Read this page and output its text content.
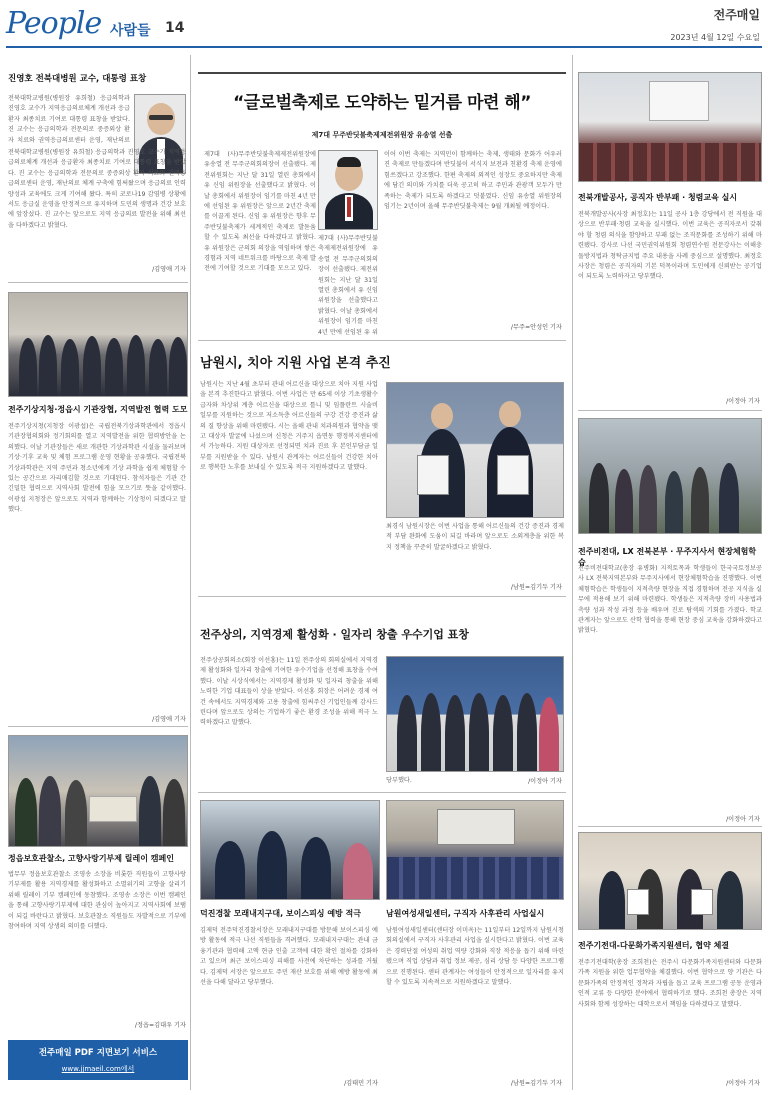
People 사람들 14
전주매일
2023년 4월 12일 수요일
진영호 전북대병원 교수, 대통령 표창
전북대학교병원(병원장 유희철) 응급의학과 진영호 교수가 지역응급의료체계 개선과 응급환자 최종치료 기여로 대통령 표창을 받았다. 진 교수는 응급의학과 전문의로 중증외상 환자 치료와 권역응급의료센터 운영, 재난의료
전북대학교병원(병원장 유희철) 응급의학과 진영호 교수가 지역응급의료체계 개선과 응급환자 최종치료 기여로 대통령 표창을 받았다. 진 교수는 응급의학과 전문의로 중증외상 환자 치료와 권역응급의료센터 운영, 재난의료 체계 구축에 힘써왔으며 응급의료 인력 양성과 교육에도 크게 기여해 왔다. 특히 코로나19 감염병 상황에서도 응급실 운영을 안정적으로 유지하며 도민의 생명과 건강 보호에 앞장섰다. 진 교수는 앞으로도 지역 응급의료 발전을 위해 최선을 다하겠다고 밝혔다.
/김영애 기자
전주기상지청·정읍시 기관장협, 지역발전 협력 도모
전주기상지청(지청장 이광섭)은 국립전북기상과학관에서 정읍시 기관장협의회와 정기회의를 열고 지역발전을 위한 협력방안을 논의했다. 이날 기관장들은 새로 개관한 기상과학관 시설을 둘러보며 기상·기후 교육 및 체험 프로그램 운영 현황을 공유했다. 국립전북기상과학관은 지역 주민과 청소년에게 기상 과학을 쉽게 체험할 수 있는 공간으로 자리매김할 것으로 기대된다. 참석자들은 기관 간 긴밀한 협력으로 지역사회 발전에 힘을 모으기로 뜻을 같이했다. 이광섭 지청장은 앞으로도 지역과 함께하는 기상청이 되겠다고 말했다.
/김영애 기자
정읍보호관찰소, 고향사랑기부제 릴레이 캠페인
법무부 정읍보호관찰소 조영송 소장을 비롯한 직원들이 고향사랑기부제를 활용 지역경제를 활성화하고 소멸위기의 고향을 살리기 위해 릴레이 기부 캠페인에 동참했다. 조영송 소장은 이번 캠페인을 통해 고향사랑기부제에 대한 관심이 높아지고 지역사회에 보탬이 되길 바란다고 밝혔다. 보호관찰소 직원들도 자발적으로 기부에 참여하며 지역 상생의 의미를 더했다.
/정읍=김대우 기자
전주매일 PDF 지면보기 서비스
www.jjmaeil.com에서
“글로벌축제로 도약하는 밑거름 마련 해”
제7대 무주반딧불축제제전위원장 유송열 선출
제7대 (사)무주반딧불축제제전위원장에 유송열 전 무주군의회의장이 선출됐다. 제전위원회는 지난 달 31일 열린 총회에서 유 신임 위원장을 선출했다고 밝혔다. 이날 총회에서 위원장이 임기를 마친 4년 만에 선임된 유 위원장은 앞으로 2년간 축제를 이끌게 된다. 신임 유 위원장은 향후 무주반딧불축제가 세계적인 축제로 발돋움할 수 있도록 최선을 다하겠다고 밝혔다. 유 위원장은 군의회 의장을 역임하며 쌓은 경험과 지역 네트워크를 바탕으로 축제 발전에 기여할 것으로 기대를 모으고 있다.
제7대 (사)무주반딧불축제제전위원장에 유송열 전 무주군의회의장이 선출됐다. 제전위원회는 지난 달 31일 열린 총회에서 유 신임 위원장을 선출했다고 밝혔다. 이날 총회에서 위원장이 임기를 마친 4년 만에 선임된 유 위
이어 이번 축제는 지역민이 함께하는 축제, 생태와 문화가 어우러진 축제로 만들겠다며 반딧불이 서식지 보전과 친환경 축제 운영에 힘쓰겠다고 강조했다. 한편 축제의 외적인 성장도 중요하지만 축제에 담긴 의미와 가치를 더욱 공고히 하고 주민과 관광객 모두가 만족하는 축제가 되도록 하겠다고 덧붙였다. 신임 유송열 위원장의 임기는 2년이며 올해 무주반딧불축제는 9월 개최될 예정이다.
/무주=안성인 기자
남원시, 치아 지원 사업 본격 추진
남원시는 지난 4월 초부터 관내 어르신을 대상으로 치아 지원 사업을 본격 추진한다고 밝혔다. 이번 사업은 만 65세 이상 기초생활수급자와 차상위 계층 어르신을 대상으로 틀니 및 임플란트 시술비 일부를 지원하는 것으로 저소득층 어르신들의 구강 건강 증진과 삶의 질 향상을 위해 마련됐다. 시는 올해 관내 치과의원과 협약을 맺고 대상자 발굴에 나섰으며 신청은 거주지 읍면동 행정복지센터에서 가능하다. 지원 대상자로 선정되면 치과 진료 후 본인부담금 일부를 지원받을 수 있다. 남원시 관계자는 어르신들이 건강한 치아로 행복한 노후를 보내실 수 있도록 적극 지원하겠다고 말했다.
최경식 남원시장은 이번 사업을 통해 어르신들의 건강 증진과 경제적 부담 완화에 도움이 되길 바라며 앞으로도 소외계층을 위한 복지 정책을 꾸준히 발굴하겠다고 밝혔다.
/남원=김기두 기자
전주상의, 지역경제 활성화 · 일자리 창출 우수기업 표창
전주상공회의소(회장 이선홍)는 11일 전주상의 회의실에서 지역경제 활성화와 일자리 창출에 기여한 우수기업을 선정해 표창을 수여했다. 이날 시상식에서는 지역경제 활성화 및 일자리 창출을 위해 노력한 기업 대표들이 상을 받았다. 이선홍 회장은 어려운 경제 여건 속에서도 지역경제와 고용 창출에 힘써주신 기업인들께 감사드린다며 앞으로도 상의는 기업하기 좋은 환경 조성을 위해 적극 노력하겠다고 말했다.
당부했다.	/이정아 기자
덕진경찰 모래내지구대, 보이스피싱 예방 적극
김제덕 전주덕진경찰서장은 모래내지구대를 방문해 보이스피싱 예방 활동에 적극 나선 직원들을 격려했다. 모래내지구대는 관내 금융기관과 협력해 고액 현금 인출 고객에 대한 확인 절차를 강화하고 있으며 최근 보이스피싱 피해를 사전에 차단하는 성과를 거뒀다. 김제덕 서장은 앞으로도 주민 재산 보호를 위해 예방 활동에 최선을 다해 달라고 당부했다.
/김태민 기자
남원여성새일센터, 구직자 사후관리 사업실시
남원여성새일센터(센터장 이미옥)는 11일부터 12일까지 남원시청 회의실에서 구직자 사후관리 사업을 실시한다고 밝혔다. 이번 교육은 경력단절 여성의 취업 역량 강화와 직장 적응을 돕기 위해 마련됐으며 직업 상담과 취업 정보 제공, 심리 상담 등 다양한 프로그램으로 진행된다. 센터 관계자는 여성들이 안정적으로 일자리를 유지할 수 있도록 지속적으로 지원하겠다고 말했다.
/남원=김기두 기자
전북개발공사, 공직자 반부패 · 청렴교육 실시
전북개발공사(사장 최정호)는 11일 공사 1층 강당에서 전 직원을 대상으로 반부패·청렴 교육을 실시했다. 이번 교육은 공직자로서 갖춰야 할 청렴 의식을 함양하고 부패 없는 조직문화를 조성하기 위해 마련됐다. 강사로 나선 국민권익위원회 청렴연수원 전문강사는 이해충돌방지법과 청탁금지법 주요 내용을 사례 중심으로 설명했다. 최정호 사장은 청렴은 공직자의 기본 덕목이라며 도민에게 신뢰받는 공기업이 되도록 노력하자고 당부했다.
/이정아 기자
전주비전대, LX 전북본부 · 무주지사서 현장체험학습
전주비전대학교(총장 유병화) 지적토목과 학생들이 한국국토정보공사 LX 전북지역본부와 무주지사에서 현장체험학습을 진행했다. 이번 체험학습은 학생들이 지적측량 현장을 직접 경험하며 전공 지식을 실무에 적용해 보기 위해 마련됐다. 학생들은 지적측량 장비 사용법과 측량 성과 작성 과정 등을 배우며 진로 탐색의 기회를 가졌다. 학교 관계자는 앞으로도 산학 협력을 통해 현장 중심 교육을 강화하겠다고 밝혔다.
/이정아 기자
전주기전대-다문화가족지원센터, 협약 체결
전주기전대학(총장 조희천)은 전주시 다문화가족지원센터와 다문화가족 지원을 위한 업무협약을 체결했다. 이번 협약으로 양 기관은 다문화가족의 안정적인 정착과 자립을 돕고 교육 프로그램 공동 운영과 인적 교류 등 다양한 분야에서 협력하기로 했다. 조희천 총장은 지역사회와 함께 성장하는 대학으로서 책임을 다하겠다고 말했다.
/이정아 기자
